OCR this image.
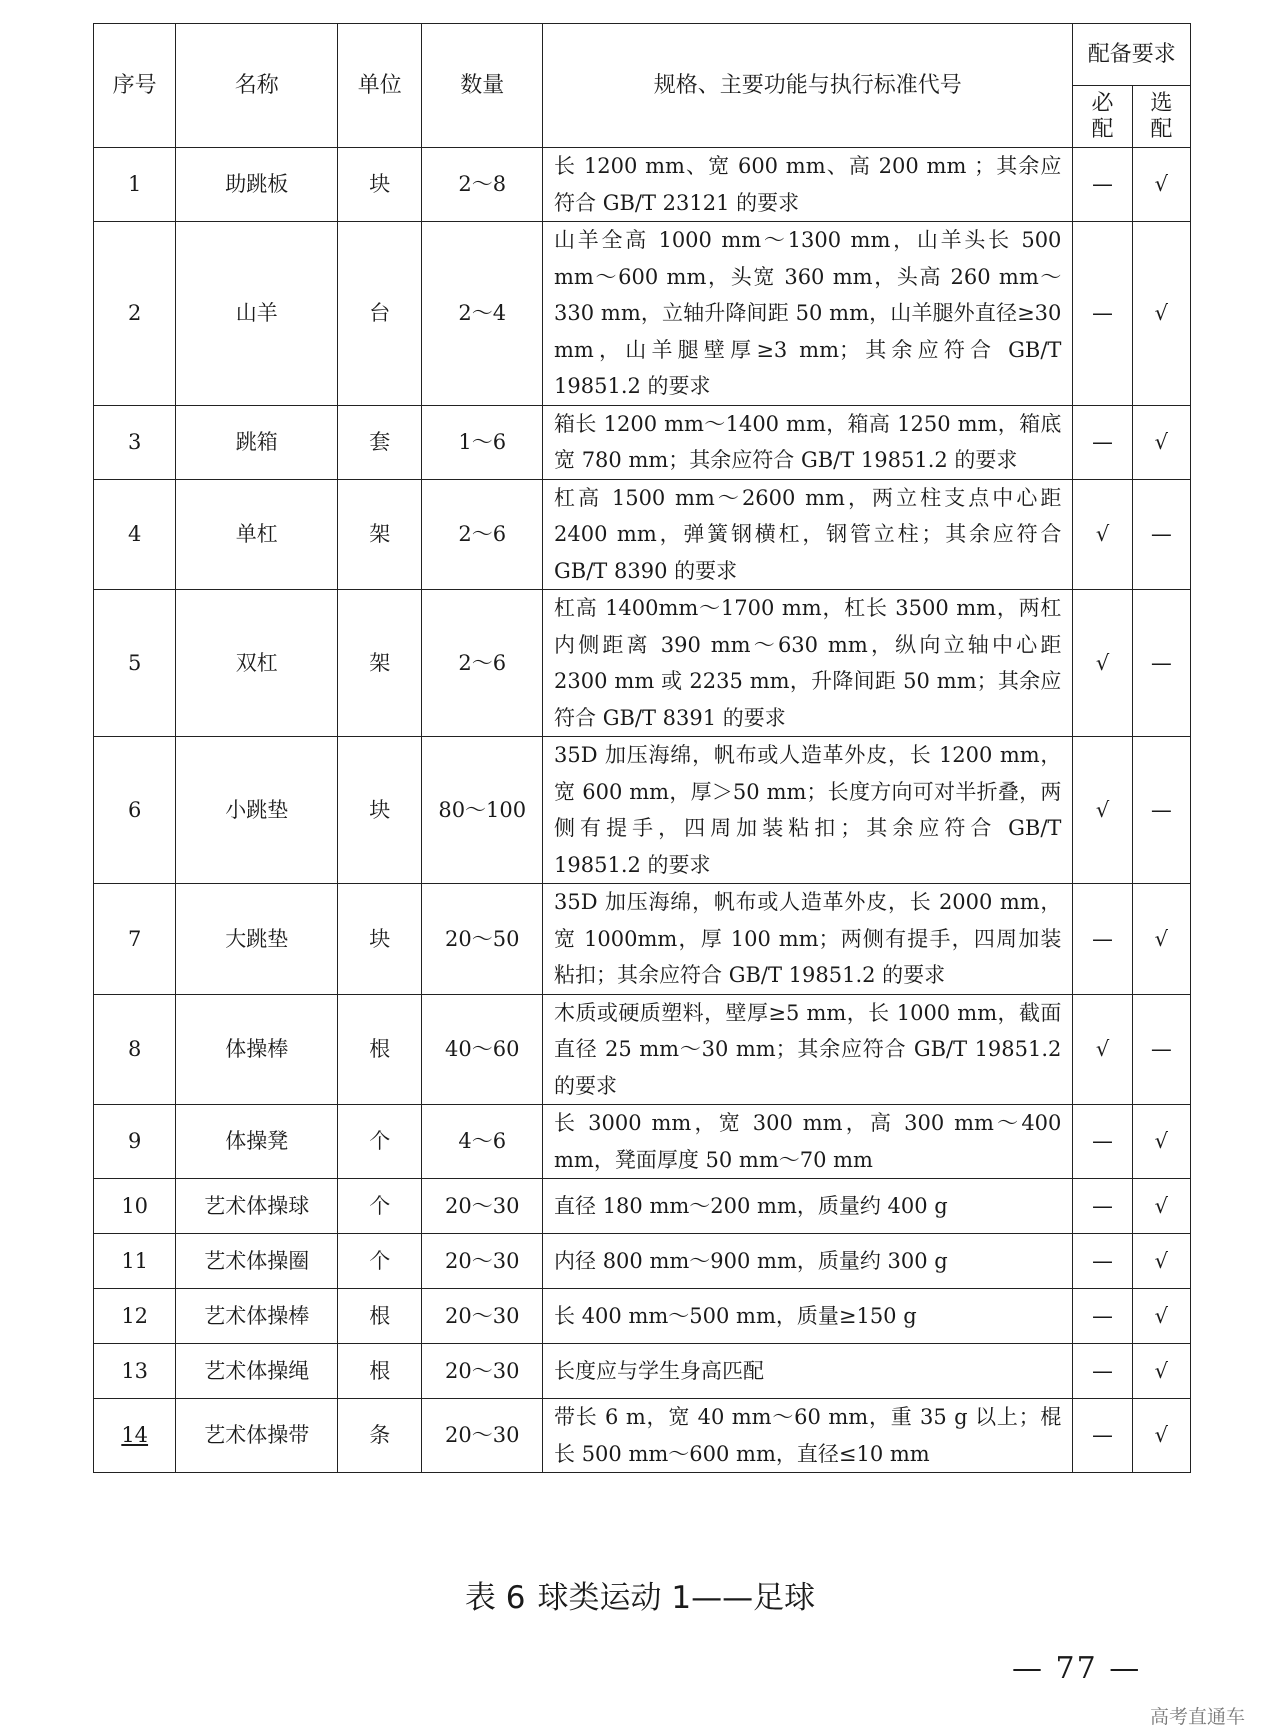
序号	名称	单位	数量	规格、主要功能与执行标准代号	配备要求	
					必配	选配
1	助跳板	块	2～8	长 1200 mm、宽 600 mm、高 200 mm ；其余应符合 GB/T 23121 的要求	—	√
2	山羊	台	2～4	山羊全高 1000 mm～1300 mm，山羊头长 500 mm～600 mm，头宽 360 mm，头高 260 mm～330 mm，立轴升降间距 50 mm，山羊腿外直径≥30 mm，山羊腿壁厚≥3 mm；其余应符合 GB/T 19851.2 的要求	—	√
3	跳箱	套	1～6	箱长 1200 mm～1400 mm，箱高 1250 mm，箱底宽 780 mm；其余应符合 GB/T 19851.2 的要求	—	√
4	单杠	架	2～6	杠高 1500 mm～2600 mm，两立柱支点中心距 2400 mm，弹簧钢横杠，钢管立柱；其余应符合 GB/T 8390 的要求	√	—
5	双杠	架	2～6	杠高 1400mm～1700 mm，杠长 3500 mm，两杠内侧距离 390 mm～630 mm，纵向立轴中心距 2300 mm 或 2235 mm，升降间距 50 mm；其余应符合 GB/T 8391 的要求	√	—
6	小跳垫	块	80～100	35D 加压海绵，帆布或人造革外皮，长 1200 mm，宽 600 mm，厚＞50 mm；长度方向可对半折叠，两侧有提手，四周加装粘扣；其余应符合 GB/T 19851.2 的要求	√	—
7	大跳垫	块	20～50	35D 加压海绵，帆布或人造革外皮，长 2000 mm，宽 1000mm，厚 100 mm；两侧有提手，四周加装粘扣；其余应符合 GB/T 19851.2 的要求	—	√
8	体操棒	根	40～60	木质或硬质塑料，壁厚≥5 mm，长 1000 mm，截面直径 25 mm～30 mm；其余应符合 GB/T 19851.2 的要求	√	—
9	体操凳	个	4～6	长 3000 mm，宽 300 mm，高 300 mm～400 mm，凳面厚度 50 mm～70 mm	—	√
10	艺术体操球	个	20～30	直径 180 mm～200 mm，质量约 400 g	—	√
11	艺术体操圈	个	20～30	内径 800 mm～900 mm，质量约 300 g	—	√
12	艺术体操棒	根	20～30	长 400 mm～500 mm，质量≥150 g	—	√
13	艺术体操绳	根	20～30	长度应与学生身高匹配	—	√
14	艺术体操带	条	20～30	带长 6 m，宽 40 mm～60 mm，重 35 g 以上；棍长 500 mm～600 mm，直径≤10 mm	—	√
表 6 球类运动 1——足球
— 77 —
高考直通车
